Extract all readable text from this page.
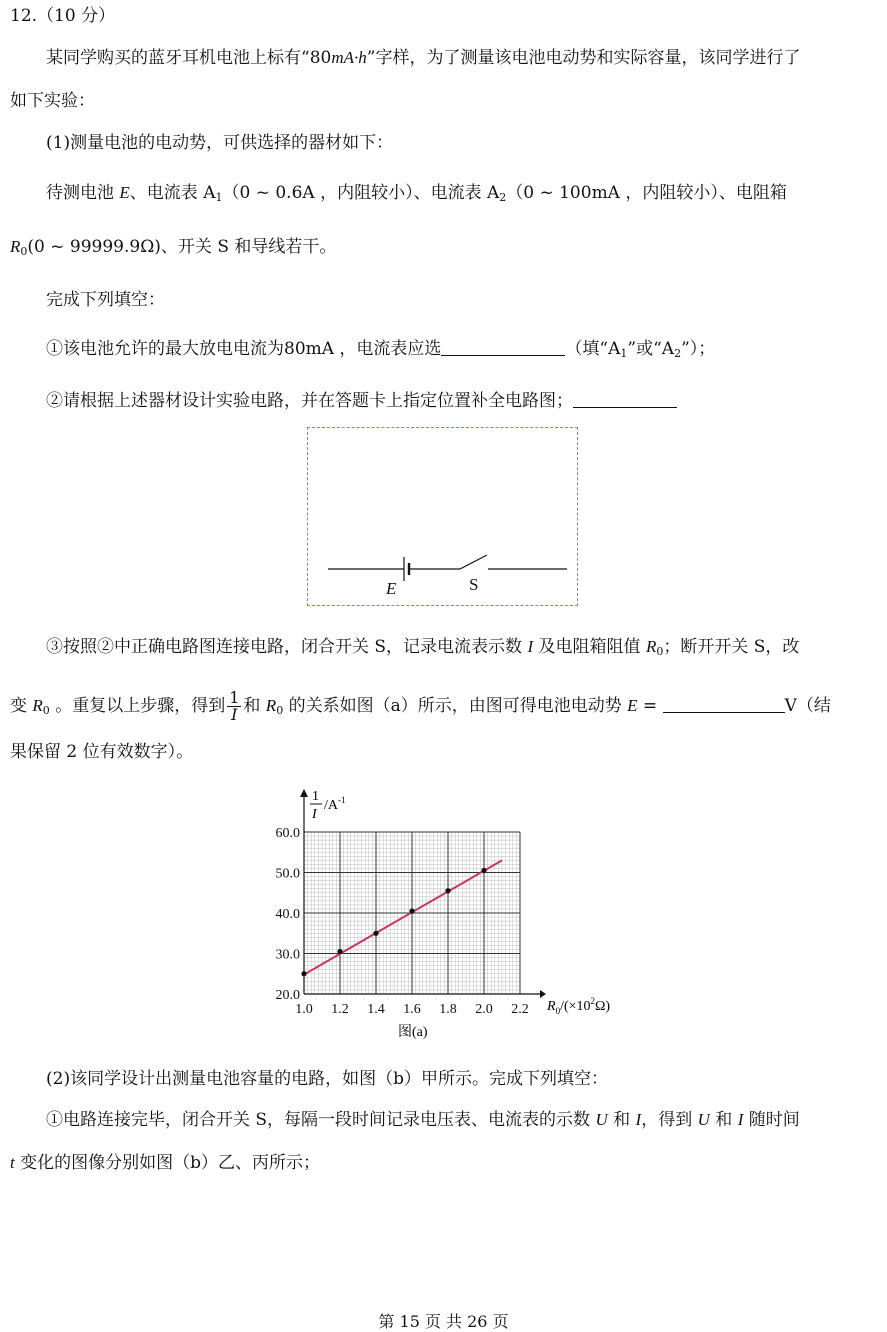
12.（10 分）
某同学购买的蓝牙耳机电池上标有“80mA·h”字样，为了测量该电池电动势和实际容量，该同学进行了
如下实验：
(1)测量电池的电动势，可供选择的器材如下：
待测电池 E、电流表 $A_1(0$ ~ 0.6A ，内阻较小）、电流表 $A_2(0$ ~ 100mA ，内阻较小）、电阻箱
$R_0(0$ ~ 99999.9Ω)、开关 S 和导线若干。
完成下列填空：
①该电池允许的最大放电电流为80mA ，电流表应选	（填“$A_1$”或“$A_2$”）；
②请根据上述器材设计实验电路，并在答题卡上指定位置补全电路图；
E	S
③按照②中正确电路图连接电路，闭合开关 S，记录电流表示数 I 及电阻箱阻值 $R_0$；断开开关 S，改
变 $R_0$ 。重复以上步骤，得到 $\frac{1}{I}$ 和 $R_0$ 的关系如图（a）所示，由图可得电池电动势 E =	V（结
果保留 2 位有效数字）。
1.0 1.2 1.4 1.6 1.8 2.0 2.2
20.0
30.0
40.0
50.0
60.0
1
I
$/A^{-1}$
$R_0/(\times 10^2\Omega)$
图(a)
(2)该同学设计出测量电池容量的电路，如图（b）甲所示。完成下列填空：
①电路连接完毕，闭合开关 S，每隔一段时间记录电压表、电流表的示数 U 和 I，得到 U 和 I 随时间
t 变化的图像分别如图（b）乙、丙所示；
第 15 页 共 26 页
